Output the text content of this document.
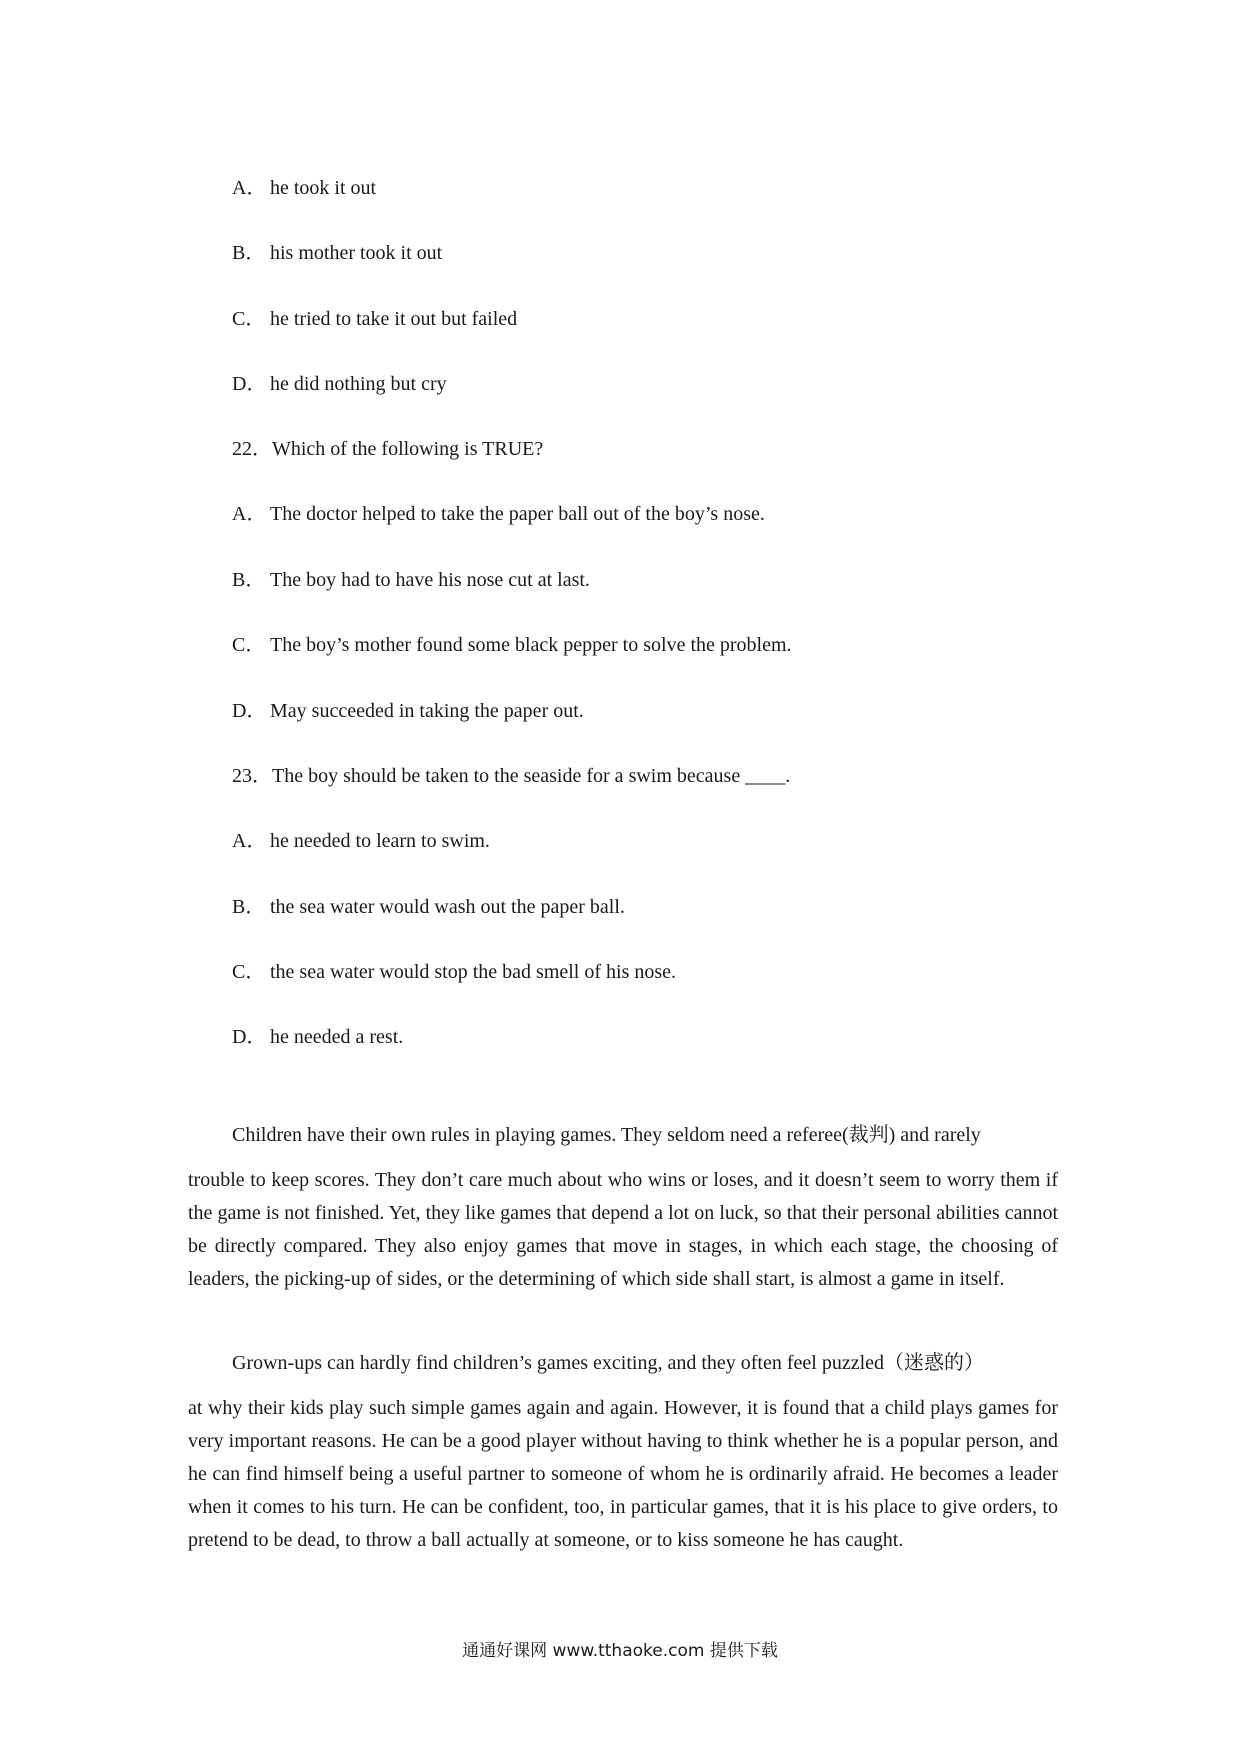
A． he took it out
B． his mother took it out
C． he tried to take it out but failed
D． he did nothing but cry
22．Which of the following is TRUE?
A． The doctor helped to take the paper ball out of the boy’s nose.
B． The boy had to have his nose cut at last.
C． The boy’s mother found some black pepper to solve the problem.
D． May succeeded in taking the paper out.
23．The boy should be taken to the seaside for a swim because ____.
A． he needed to learn to swim.
B． the sea water would wash out the paper ball.
C． the sea water would stop the bad smell of his nose.
D． he needed a rest.
Children have their own rules in playing games. They seldom need a referee(裁判) and rarely
trouble to keep scores. They don’t care much about who wins or loses, and it doesn’t seem to worry them if the game is not finished. Yet, they like games that depend a lot on luck, so that their personal abilities cannot be directly compared. They also enjoy games that move in stages, in which each stage, the choosing of leaders, the picking-up of sides, or the determining of which side shall start, is almost a game in itself.
Grown-ups can hardly find children’s games exciting, and they often feel puzzled（迷惑的）
at why their kids play such simple games again and again. However, it is found that a child plays games for very important reasons. He can be a good player without having to think whether he is a popular person, and he can find himself being a useful partner to someone of whom he is ordinarily afraid. He becomes a leader when it comes to his turn. He can be confident, too, in particular games, that it is his place to give orders, to pretend to be dead, to throw a ball actually at someone, or to kiss someone he has caught.
通通好课网 www.tthaoke.com 提供下载
